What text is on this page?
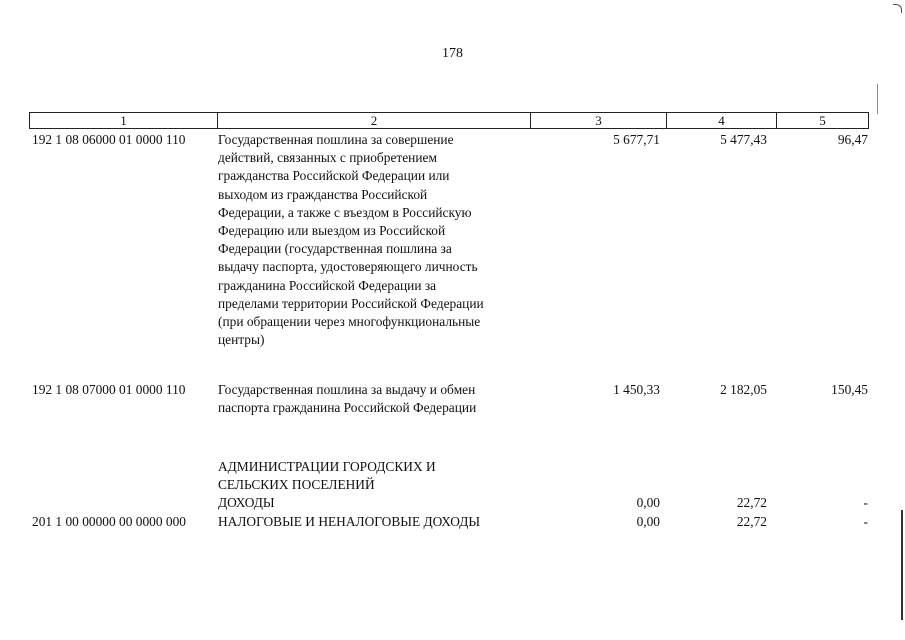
178
1	2	3	4	5
192 1 08 06000 01 0000 110 Государственная пошлина за совершение
действий, связанных с приобретением
гражданства Российской Федерации или
выходом из гражданства Российской
Федерации, а также с въездом в Российскую
Федерацию или выездом из Российской
Федерации (государственная пошлина за
выдачу паспорта, удостоверяющего личность
гражданина Российской Федерации за
пределами территории Российской Федерации
(при обращении через многофункциональные
центры)
5 677,71	5 477,43	96,47
192 1 08 07000 01 0000 110 Государственная пошлина за выдачу и обмен
паспорта гражданина Российской Федерации
1 450,33	2 182,05	150,45
АДМИНИСТРАЦИИ ГОРОДСКИХ И
СЕЛЬСКИХ ПОСЕЛЕНИЙ
ДОХОДЫ	0,00	22,72	-
201 1 00 00000 00 0000 000 НАЛОГОВЫЕ И НЕНАЛОГОВЫЕ ДОХОДЫ	0,00	22,72	-
